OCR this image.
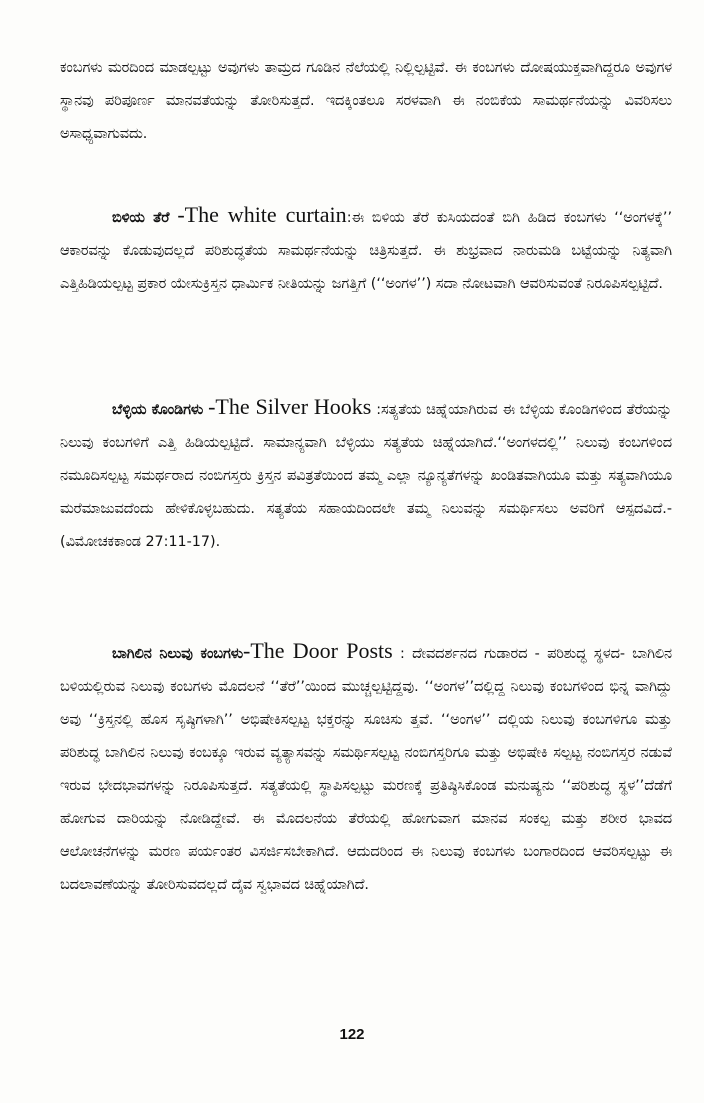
ಕಂಬಗಳು ಮರದಿಂದ ಮಾಡಲ್ಪಟ್ಟು ಅವುಗಳು ತಾಮ್ರದ ಗೂಡಿನ ನೆಲೆಯಲ್ಲಿ ನಿಲ್ಲಿಲ್ಪಟ್ಟಿವೆ. ಈ ಕಂಬಗಳು ದೋಷಯುಕ್ತವಾಗಿದ್ದರೂ ಅವುಗಳ ಸ್ಥಾನವು ಪರಿಪೂರ್ಣ ಮಾನವತೆಯನ್ನು ತೋರಿಸುತ್ತದೆ. ಇದಕ್ಕಿಂತಲೂ ಸರಳವಾಗಿ ಈ ನಂಬಿಕೆಯ ಸಾಮರ್ಥನೆಯನ್ನು ವಿವರಿಸಲು ಅಸಾಧ್ಯವಾಗುವದು.

ಬಿಳಿಯ ತೆರೆ -The white curtain:ಈ ಬಿಳಿಯ ತೆರೆ ಕುಸಿಯದಂತೆ ಬಿಗಿ ಹಿಡಿದ ಕಂಬಗಳು ‘‘ಅಂಗಳಕ್ಕೆ’’ ಆಕಾರವನ್ನು ಕೊಡುವುದಲ್ಲದೆ ಪರಿಶುದ್ಧತೆಯ ಸಾಮರ್ಥನೆಯನ್ನು ಚಿತ್ರಿಸುತ್ತದೆ. ಈ ಶುಭ್ರವಾದ ನಾರುಮಡಿ ಬಟ್ಟೆಯನ್ನು ನಿತ್ಯವಾಗಿ ಎತ್ತಿಹಿಡಿಯಲ್ಪಟ್ಟ ಪ್ರಕಾರ ಯೇಸುಕ್ರಿಸ್ತನ ಧಾರ್ಮಿಕ ನೀತಿಯನ್ನು ಜಗತ್ತಿಗೆ (‘‘ಅಂಗಳ’’) ಸದಾ ನೋಟವಾಗಿ ಆವರಿಸುವಂತೆ ನಿರೂಪಿಸಲ್ಪಟ್ಟಿದೆ.

ಬೆಳ್ಳಿಯ ಕೊಂಡಿಗಳು -The Silver Hooks :ಸತ್ಯತೆಯ ಚಿಹ್ನೆಯಾಗಿರುವ ಈ ಬೆಳ್ಳಿಯ ಕೊಂಡಿಗಳಿಂದ ತೆರೆಯನ್ನು ನಿಲುವು ಕಂಬಗಳಿಗೆ ಎತ್ತಿ ಹಿಡಿಯಲ್ಪಟ್ಟಿದೆ. ಸಾಮಾನ್ಯವಾಗಿ ಬೆಳ್ಳಿಯು ಸತ್ಯತೆಯ ಚಿಹ್ನೆಯಾಗಿದೆ.‘‘ಅಂಗಳದಲ್ಲಿ’’ ನಿಲುವು ಕಂಬಗಳಿಂದ ನಮೂದಿಸಲ್ಪಟ್ಟ ಸಮರ್ಥರಾದ ನಂಬಿಗಸ್ತರು ಕ್ರಿಸ್ತನ ಪವಿತ್ರತೆಯಿಂದ ತಮ್ಮ ಎಲ್ಲಾ ನ್ಯೂನ್ಯತೆಗಳನ್ನು ಖಂಡಿತವಾಗಿಯೂ ಮತ್ತು ಸತ್ಯವಾಗಿಯೂ ಮರೆಮಾಜುವದೆಂದು ಹೇಳಿಕೊಳ್ಳಬಹುದು. ಸತ್ಯತೆಯ ಸಹಾಯದಿಂದಲೇ ತಮ್ಮ ನಿಲುವನ್ನು ಸಮರ್ಥಿಸಲು ಅವರಿಗೆ ಆಸ್ಪದವಿದೆ.- (ವಿಮೋಚಕಕಾಂಡ 27:11-17).

ಬಾಗಿಲಿನ ನಿಲುವು ಕಂಬಗಳು-The Door Posts : ದೇವದರ್ಶನದ ಗುಡಾರದ - ಪರಿಶುದ್ಧ ಸ್ಥಳದ- ಬಾಗಿಲಿನ ಬಳಿಯಲ್ಲಿರುವ ನಿಲುವು ಕಂಬಗಳು ಮೊದಲನೆ ‘‘ತೆರೆ’’ಯಿಂದ ಮುಚ್ಚಲ್ಪಟ್ಟಿದ್ದವು. ‘‘ಅಂಗಳ’’ದಲ್ಲಿದ್ದ ನಿಲುವು ಕಂಬಗಳಿಂದ ಭಿನ್ನ ವಾಗಿದ್ದು ಅವು ‘‘ಕ್ರಿಸ್ತನಲ್ಲಿ ಹೊಸ ಸೃಷ್ಠಿಗಳಾಗಿ’’ ಅಭಿಷೇಕಿಸಲ್ಪಟ್ಟ ಭಕ್ತರನ್ನು ಸೂಚಿಸು ತ್ತವೆ. ‘‘ಅಂಗಳ’’ ದಲ್ಲಿಯ ನಿಲುವು ಕಂಬಗಳಿಗೂ ಮತ್ತು ಪರಿಶುದ್ಧ ಬಾಗಿಲಿನ ನಿಲುವು ಕಂಬಕ್ಕೂ ಇರುವ ವ್ಯತ್ಯಾಸವನ್ನು ಸಮರ್ಥಿಸಲ್ಪಟ್ಟ ನಂಬಿಗಸ್ತರಿಗೂ ಮತ್ತು ಅಭಿಷೇಕಿ ಸಲ್ಪಟ್ಟ ನಂಬಿಗಸ್ತರ ನಡುವೆ ಇರುವ ಭೇದಭಾವಗಳನ್ನು ನಿರೂಪಿಸುತ್ತದೆ. ಸತ್ಯತೆಯಲ್ಲಿ ಸ್ಥಾಪಿಸಲ್ಪಟ್ಟು ಮರಣಕ್ಕೆ ಪ್ರತಿಷ್ಠಿಸಿಕೊಂಡ ಮನುಷ್ಯನು ‘‘ಪರಿಶುದ್ಧ ಸ್ಥಳ’’ದೆಡೆಗೆ ಹೋಗುವ ದಾರಿಯನ್ನು ನೋಡಿದ್ದೇವೆ. ಈ ಮೊದಲನೆಯ ತೆರೆಯಲ್ಲಿ ಹೋಗುವಾಗ ಮಾನವ ಸಂಕಲ್ಪ ಮತ್ತು ಶರೀರ ಭಾವದ ಆಲೋಚನೆಗಳನ್ನು ಮರಣ ಪರ್ಯಂತರ ವಿಸರ್ಜಿಸಬೇಕಾಗಿದೆ. ಆದುದರಿಂದ ಈ ನಿಲುವು ಕಂಬಗಳು ಬಂಗಾರದಿಂದ ಆವರಿಸಲ್ಪಟ್ಟು ಈ ಬದಲಾವಣೆಯನ್ನು ತೋರಿಸುವದಲ್ಲದೆ ದೈವ ಸ್ವಭಾವದ ಚಿಹ್ನೆಯಾಗಿದೆ.

122
